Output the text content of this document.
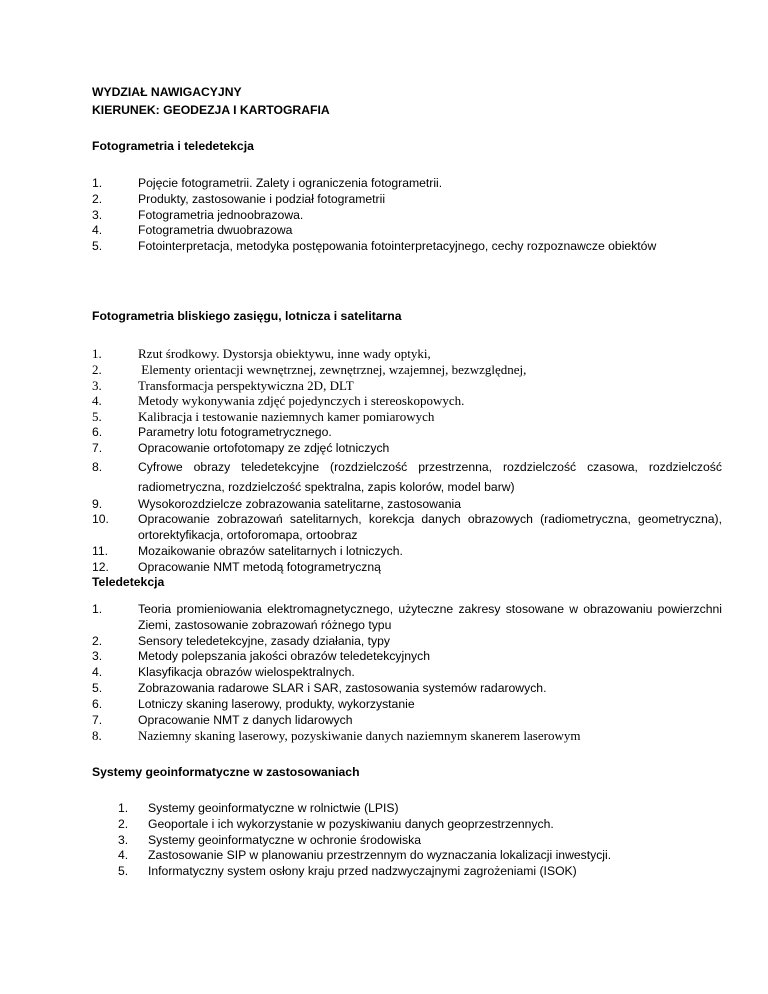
WYDZIAŁ NAWIGACYJNY
KIERUNEK: GEODEZJA I KARTOGRAFIA
Fotogrametria i teledetekcja
1.	Pojęcie fotogrametrii. Zalety i ograniczenia fotogrametrii.
2.	Produkty, zastosowanie i podział fotogrametrii
3.	Fotogrametria jednoobrazowa.
4.	Fotogrametria dwuobrazowa
5.	Fotointerpretacja, metodyka postępowania fotointerpretacyjnego, cechy rozpoznawcze obiektów
Fotogrametria bliskiego zasięgu, lotnicza i satelitarna
1.	Rzut środkowy. Dystorsja obiektywu, inne wady optyki,
2.	Elementy orientacji wewnętrznej, zewnętrznej, wzajemnej, bezwzględnej,
3.	Transformacja perspektywiczna 2D, DLT
4.	Metody wykonywania zdjęć pojedynczych i stereoskopowych.
5.	Kalibracja i testowanie naziemnych kamer pomiarowych
6.	Parametry lotu fotogrametrycznego.
7.	Opracowanie ortofotomapy ze zdjęć lotniczych
8.	Cyfrowe obrazy teledetekcyjne (rozdzielczość przestrzenna, rozdzielczość czasowa, rozdzielczość radiometryczna, rozdzielczość spektralna, zapis kolorów, model barw)
9.	Wysokorozdzielcze zobrazowania satelitarne, zastosowania
10. Opracowanie zobrazowań satelitarnych, korekcja danych obrazowych (radiometryczna, geometryczna), ortorektyfikacja, ortoforomapa, ortoobraz
11. Mozaikowanie obrazów satelitarnych i lotniczych.
12. Opracowanie NMT metodą fotogrametryczną
Teledetekcja
1.	Teoria promieniowania elektromagnetycznego, użyteczne zakresy stosowane w obrazowaniu powierzchni Ziemi, zastosowanie zobrazowań różnego typu
2.	Sensory teledetekcyjne, zasady działania, typy
3.	Metody polepszania jakości obrazów teledetekcyjnych
4.	Klasyfikacja obrazów wielospektralnych.
5.	Zobrazowania radarowe SLAR i SAR, zastosowania systemów radarowych.
6.	Lotniczy skaning laserowy, produkty, wykorzystanie
7.	Opracowanie NMT z danych lidarowych
8.	Naziemny skaning laserowy, pozyskiwanie danych naziemnym skanerem laserowym
Systemy geoinformatyczne w zastosowaniach
1. Systemy geoinformatyczne w rolnictwie (LPIS)
2. Geoportale i ich wykorzystanie w pozyskiwaniu danych geoprzestrzennych.
3. Systemy geoinformatyczne w ochronie środowiska
4. Zastosowanie SIP w planowaniu przestrzennym do wyznaczania lokalizacji inwestycji.
5. Informatyczny system osłony kraju przed nadzwyczajnymi zagrożeniami (ISOK)
